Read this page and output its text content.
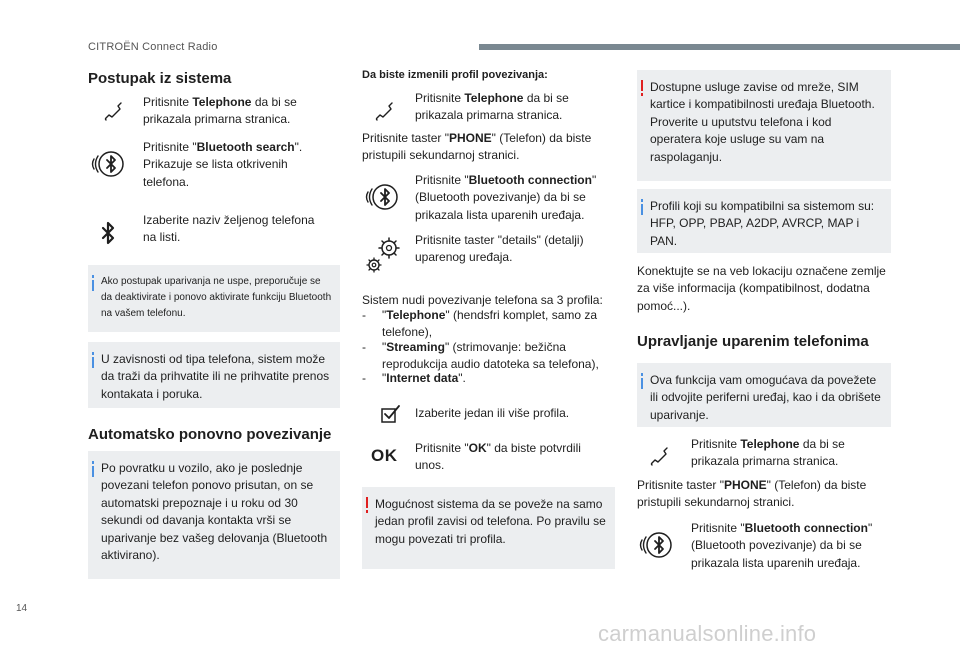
CITROËN Connect Radio
Postupak iz sistema
Pritisnite Telephone da bi se prikazala primarna stranica.
Pritisnite "Bluetooth search". Prikazuje se lista otkrivenih telefona.
Izaberite naziv željenog telefona na listi.
Ako postupak uparivanja ne uspe, preporučuje se da deaktivirate i ponovo aktivirate funkciju Bluetooth na vašem telefonu.
U zavisnosti od tipa telefona, sistem može da traži da prihvatite ili ne prihvatite prenos kontakata i poruka.
Automatsko ponovno povezivanje
Po povratku u vozilo, ako je poslednje povezani telefon ponovo prisutan, on se automatski prepoznaje i u roku od 30 sekundi od davanja kontakta vrši se uparivanje bez vašeg delovanja (Bluetooth aktivirano).
Da biste izmenili profil povezivanja:
Pritisnite Telephone da bi se prikazala primarna stranica.
Pritisnite taster "PHONE" (Telefon) da biste pristupili sekundarnoj stranici.
Pritisnite "Bluetooth connection" (Bluetooth povezivanje) da bi se prikazala lista uparenih uređaja.
Pritisnite taster "details" (detalji) uparenog uređaja.
Sistem nudi povezivanje telefona sa 3 profila:
- "Telephone" (hendsfri komplet, samo za telefone),
- "Streaming" (strimovanje: bežična reprodukcija audio datoteka sa telefona),
- "Internet data".
Izaberite jedan ili više profila.
OK Pritisnite "OK" da biste potvrdili unos.
Mogućnost sistema da se poveže na samo jedan profil zavisi od telefona. Po pravilu se mogu povezati tri profila.
Dostupne usluge zavise od mreže, SIM kartice i kompatibilnosti uređaja Bluetooth. Proverite u uputstvu telefona i kod operatera koje usluge su vam na raspolaganju.
Profili koji su kompatibilni sa sistemom su: HFP, OPP, PBAP, A2DP, AVRCP, MAP i PAN.
Konektujte se na veb lokaciju označene zemlje za više informacija (kompatibilnost, dodatna pomoć...).
Upravljanje uparenim telefonima
Ova funkcija vam omogućava da povežete ili odvojite periferni uređaj, kao i da obrišete uparivanje.
Pritisnite Telephone da bi se prikazala primarna stranica.
Pritisnite taster "PHONE" (Telefon) da biste pristupili sekundarnoj stranici.
Pritisnite "Bluetooth connection" (Bluetooth povezivanje) da bi se prikazala lista uparenih uređaja.
14
carmanualsonline.info
